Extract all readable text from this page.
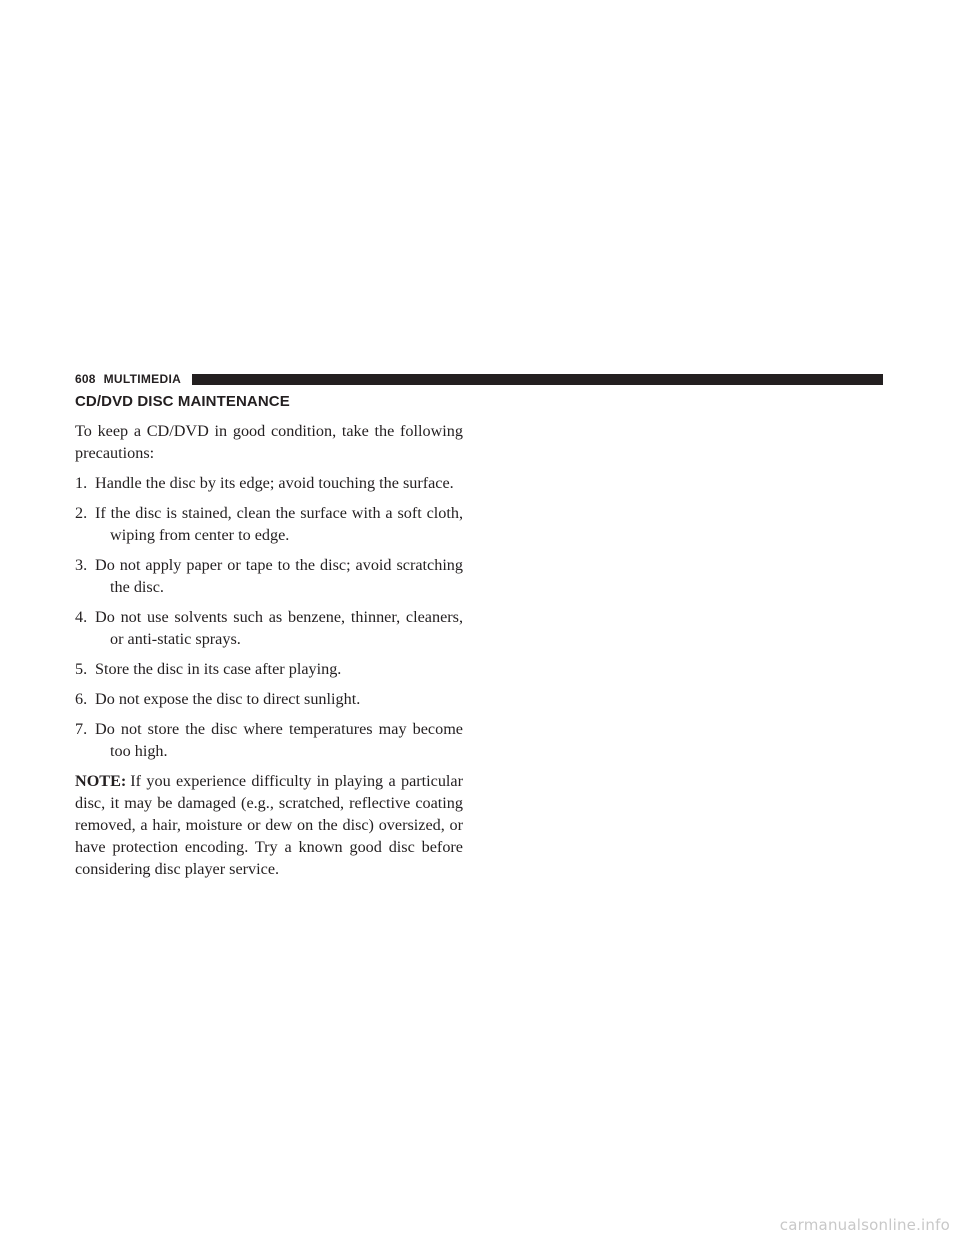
608 MULTIMEDIA
CD/DVD DISC MAINTENANCE

To keep a CD/DVD in good condition, take the following precautions:

1. Handle the disc by its edge; avoid touching the surface.
2. If the disc is stained, clean the surface with a soft cloth, wiping from center to edge.
3. Do not apply paper or tape to the disc; avoid scratching the disc.
4. Do not use solvents such as benzene, thinner, cleaners, or anti-static sprays.
5. Store the disc in its case after playing.
6. Do not expose the disc to direct sunlight.
7. Do not store the disc where temperatures may become too high.

NOTE: If you experience difficulty in playing a particular disc, it may be damaged (e.g., scratched, reflective coating removed, a hair, moisture or dew on the disc) oversized, or have protection encoding. Try a known good disc before considering disc player service.

carmanualsonline.info
